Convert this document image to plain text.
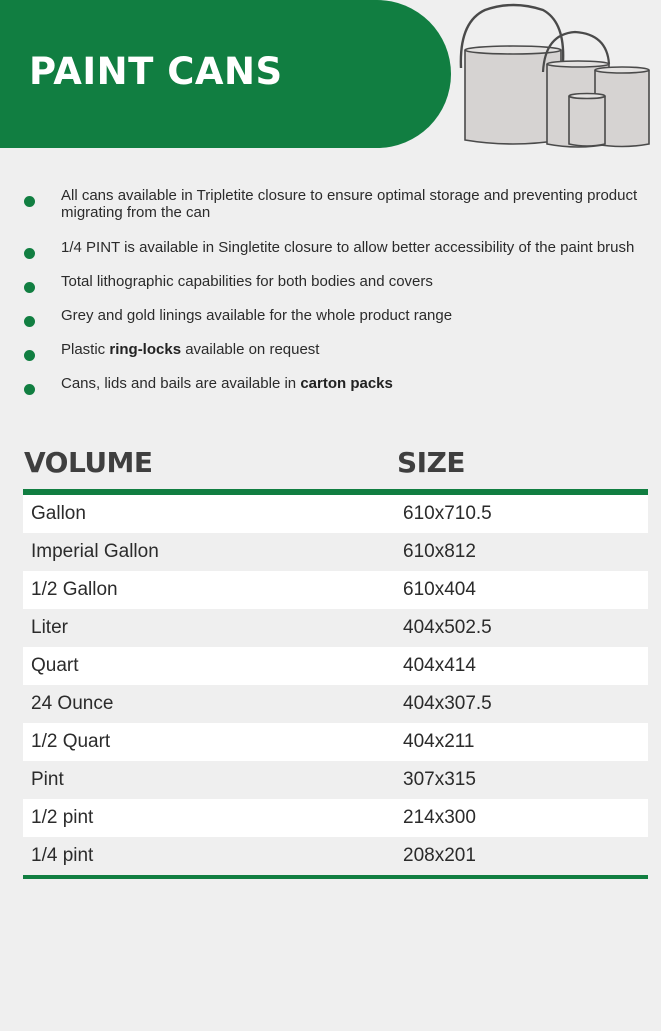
PAINT CANS
All cans available in Tripletite closure to ensure optimal storage and preventing product migrating from the can
1/4 PINT is available in Singletite closure to allow better accessibility of the paint brush
Total lithographic capabilities for both bodies and covers
Grey and gold linings available for the whole product range
Plastic ring-locks available on request
Cans, lids and bails are available in carton packs
VOLUME	SIZE
Gallon	610x710.5
Imperial Gallon	610x812
1/2 Gallon	610x404
Liter	404x502.5
Quart	404x414
24 Ounce	404x307.5
1/2 Quart	404x211
Pint	307x315
1/2 pint	214x300
1/4 pint	208x201
